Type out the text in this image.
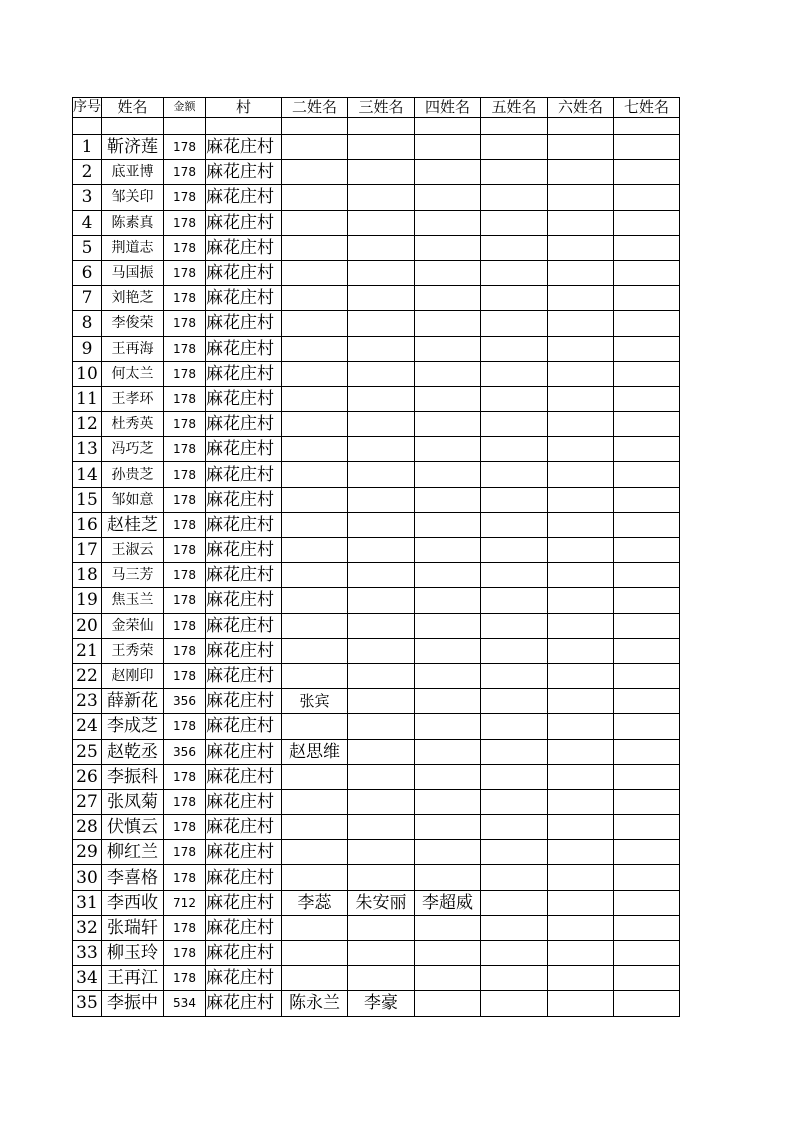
序号	姓名	金额	村	二姓名	三姓名	四姓名	五姓名	六姓名	七姓名

1	靳济莲	178	麻花庄村						
2	底亚博	178	麻花庄村						
3	邹关印	178	麻花庄村						
4	陈素真	178	麻花庄村						
5	荆道志	178	麻花庄村						
6	马国振	178	麻花庄村						
7	刘艳芝	178	麻花庄村						
8	李俊荣	178	麻花庄村						
9	王再海	178	麻花庄村						
10	何太兰	178	麻花庄村						
11	王孝环	178	麻花庄村						
12	杜秀英	178	麻花庄村						
13	冯巧芝	178	麻花庄村						
14	孙贵芝	178	麻花庄村						
15	邹如意	178	麻花庄村						
16	赵桂芝	178	麻花庄村						
17	王淑云	178	麻花庄村						
18	马三芳	178	麻花庄村						
19	焦玉兰	178	麻花庄村						
20	金荣仙	178	麻花庄村						
21	王秀荣	178	麻花庄村						
22	赵刚印	178	麻花庄村						
23	薛新花	356	麻花庄村	张宾					
24	李成芝	178	麻花庄村						
25	赵乾丞	356	麻花庄村	赵思维					
26	李振科	178	麻花庄村						
27	张凤菊	178	麻花庄村						
28	伏慎云	178	麻花庄村						
29	柳红兰	178	麻花庄村						
30	李喜格	178	麻花庄村						
31	李西收	712	麻花庄村	李蕊	朱安丽	李超威			
32	张瑞轩	178	麻花庄村						
33	柳玉玲	178	麻花庄村						
34	王再江	178	麻花庄村						
35	李振中	534	麻花庄村	陈永兰	李豪				
